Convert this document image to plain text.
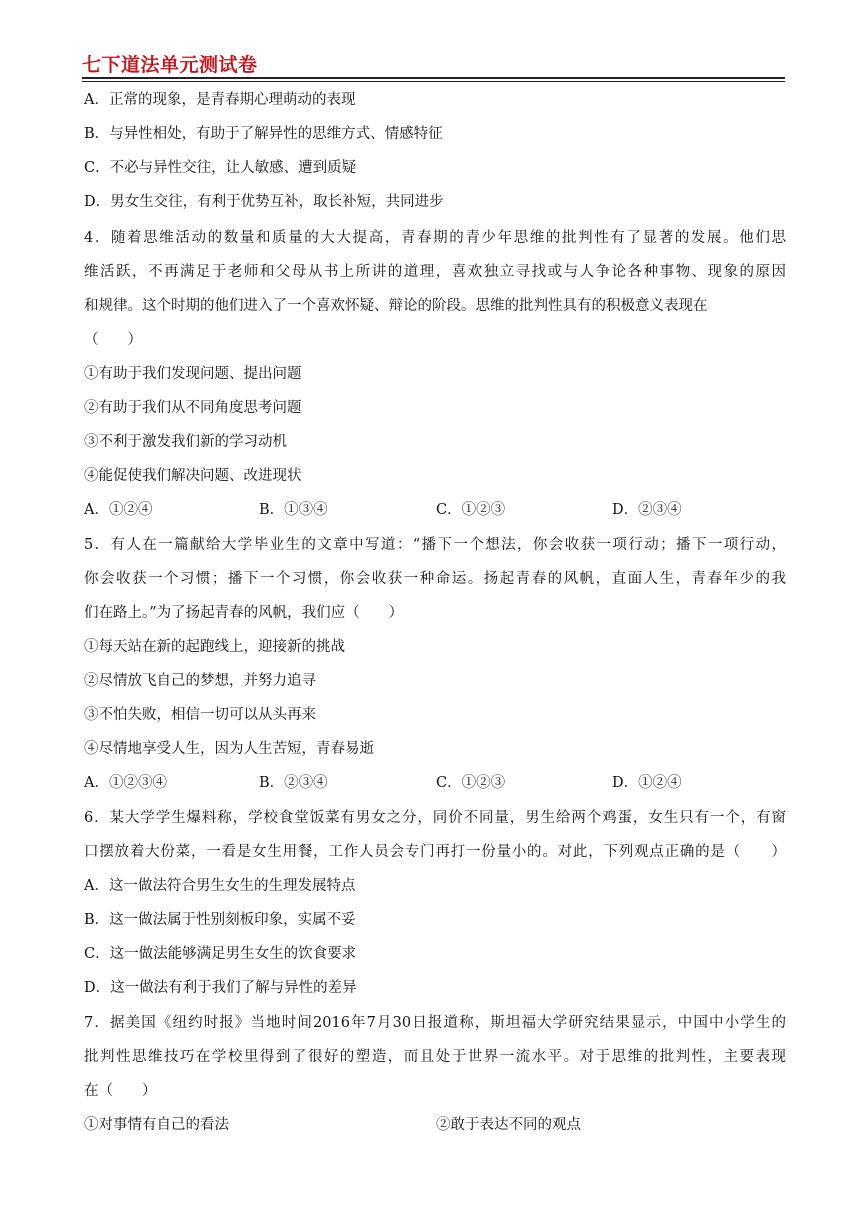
七下道法单元测试卷
A．正常的现象，是青春期心理萌动的表现
B．与异性相处，有助于了解异性的思维方式、情感特征
C．不必与异性交往，让人敏感、遭到质疑
D．男女生交往，有利于优势互补，取长补短，共同进步
4．随着思维活动的数量和质量的大大提高，青春期的青少年思维的批判性有了显著的发展。他们思
维活跃，不再满足于老师和父母从书上所讲的道理，喜欢独立寻找或与人争论各种事物、现象的原因
和规律。这个时期的他们进入了一个喜欢怀疑、辩论的阶段。思维的批判性具有的积极意义表现在
（　　）
①有助于我们发现问题、提出问题
②有助于我们从不同角度思考问题
③不利于激发我们新的学习动机
④能促使我们解决问题、改进现状
A．①②④	B．①③④	C．①②③	D．②③④
5．有人在一篇献给大学毕业生的文章中写道：“播下一个想法，你会收获一项行动；播下一项行动，
你会收获一个习惯；播下一个习惯，你会收获一种命运。扬起青春的风帆，直面人生，青春年少的我
们在路上。”为了扬起青春的风帆，我们应（　　）
①每天站在新的起跑线上，迎接新的挑战
②尽情放飞自己的梦想，并努力追寻
③不怕失败，相信一切可以从头再来
④尽情地享受人生，因为人生苦短，青春易逝
A．①②③④	B．②③④	C．①②③	D．①②④
6．某大学学生爆料称，学校食堂饭菜有男女之分，同价不同量，男生给两个鸡蛋，女生只有一个，有窗
口摆放着大份菜，一看是女生用餐，工作人员会专门再打一份量小的。对此，下列观点正确的是（　　）
A．这一做法符合男生女生的生理发展特点
B．这一做法属于性别刻板印象，实属不妥
C．这一做法能够满足男生女生的饮食要求
D．这一做法有利于我们了解与异性的差异
7．据美国《纽约时报》当地时间2016年7月30日报道称，斯坦福大学研究结果显示，中国中小学生的
批判性思维技巧在学校里得到了很好的塑造，而且处于世界一流水平。对于思维的批判性，主要表现
在（　　）
①对事情有自己的看法	②敢于表达不同的观点
